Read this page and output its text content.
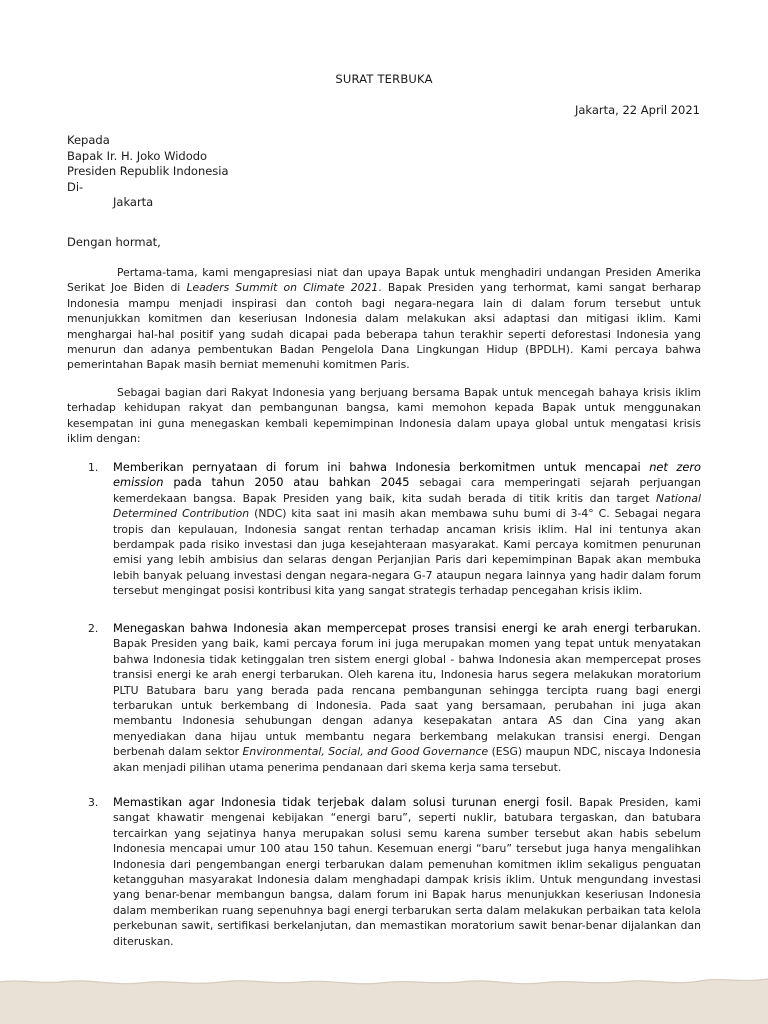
SURAT TERBUKA
Jakarta, 22 April 2021
Kepada
Bapak Ir. H. Joko Widodo
Presiden Republik Indonesia
Di-
Jakarta
Dengan hormat,
Pertama-tama, kami mengapresiasi niat dan upaya Bapak untuk menghadiri undangan Presiden Amerika Serikat Joe Biden di Leaders Summit on Climate 2021. Bapak Presiden yang terhormat, kami sangat berharap Indonesia mampu menjadi inspirasi dan contoh bagi negara-negara lain di dalam forum tersebut untuk menunjukkan komitmen dan keseriusan Indonesia dalam melakukan aksi adaptasi dan mitigasi iklim. Kami menghargai hal-hal positif yang sudah dicapai pada beberapa tahun terakhir seperti deforestasi Indonesia yang menurun dan adanya pembentukan Badan Pengelola Dana Lingkungan Hidup (BPDLH). Kami percaya bahwa pemerintahan Bapak masih berniat memenuhi komitmen Paris.
Sebagai bagian dari Rakyat Indonesia yang berjuang bersama Bapak untuk mencegah bahaya krisis iklim terhadap kehidupan rakyat dan pembangunan bangsa, kami memohon kepada Bapak untuk menggunakan kesempatan ini guna menegaskan kembali kepemimpinan Indonesia dalam upaya global untuk mengatasi krisis iklim dengan:
1.	Memberikan pernyataan di forum ini bahwa Indonesia berkomitmen untuk mencapai net zero emission pada tahun 2050 atau bahkan 2045 sebagai cara memperingati sejarah perjuangan kemerdekaan bangsa. Bapak Presiden yang baik, kita sudah berada di titik kritis dan target National Determined Contribution (NDC) kita saat ini masih akan membawa suhu bumi di 3-4° C. Sebagai negara tropis dan kepulauan, Indonesia sangat rentan terhadap ancaman krisis iklim. Hal ini tentunya akan berdampak pada risiko investasi dan juga kesejahteraan masyarakat. Kami percaya komitmen penurunan emisi yang lebih ambisius dan selaras dengan Perjanjian Paris dari kepemimpinan Bapak akan membuka lebih banyak peluang investasi dengan negara-negara G-7 ataupun negara lainnya yang hadir dalam forum tersebut mengingat posisi kontribusi kita yang sangat strategis terhadap pencegahan krisis iklim.
2.	Menegaskan bahwa Indonesia akan mempercepat proses transisi energi ke arah energi terbarukan. Bapak Presiden yang baik, kami percaya forum ini juga merupakan momen yang tepat untuk menyatakan bahwa Indonesia tidak ketinggalan tren sistem energi global - bahwa Indonesia akan mempercepat proses transisi energi ke arah energi terbarukan. Oleh karena itu, Indonesia harus segera melakukan moratorium PLTU Batubara baru yang berada pada rencana pembangunan sehingga tercipta ruang bagi energi terbarukan untuk berkembang di Indonesia. Pada saat yang bersamaan, perubahan ini juga akan membantu Indonesia sehubungan dengan adanya kesepakatan antara AS dan Cina yang akan menyediakan dana hijau untuk membantu negara berkembang melakukan transisi energi. Dengan berbenah dalam sektor Environmental, Social, and Good Governance (ESG) maupun NDC, niscaya Indonesia akan menjadi pilihan utama penerima pendanaan dari skema kerja sama tersebut.
3.	Memastikan agar Indonesia tidak terjebak dalam solusi turunan energi fosil. Bapak Presiden, kami sangat khawatir mengenai kebijakan “energi baru”, seperti nuklir, batubara tergaskan, dan batubara tercairkan yang sejatinya hanya merupakan solusi semu karena sumber tersebut akan habis sebelum Indonesia mencapai umur 100 atau 150 tahun. Kesemuan energi “baru” tersebut juga hanya mengalihkan Indonesia dari pengembangan energi terbarukan dalam pemenuhan komitmen iklim sekaligus penguatan ketangguhan masyarakat Indonesia dalam menghadapi dampak krisis iklim. Untuk mengundang investasi yang benar-benar membangun bangsa, dalam forum ini Bapak harus menunjukkan keseriusan Indonesia dalam memberikan ruang sepenuhnya bagi energi terbarukan serta dalam melakukan perbaikan tata kelola perkebunan sawit, sertifikasi berkelanjutan, dan memastikan moratorium sawit benar-benar dijalankan dan diteruskan.
